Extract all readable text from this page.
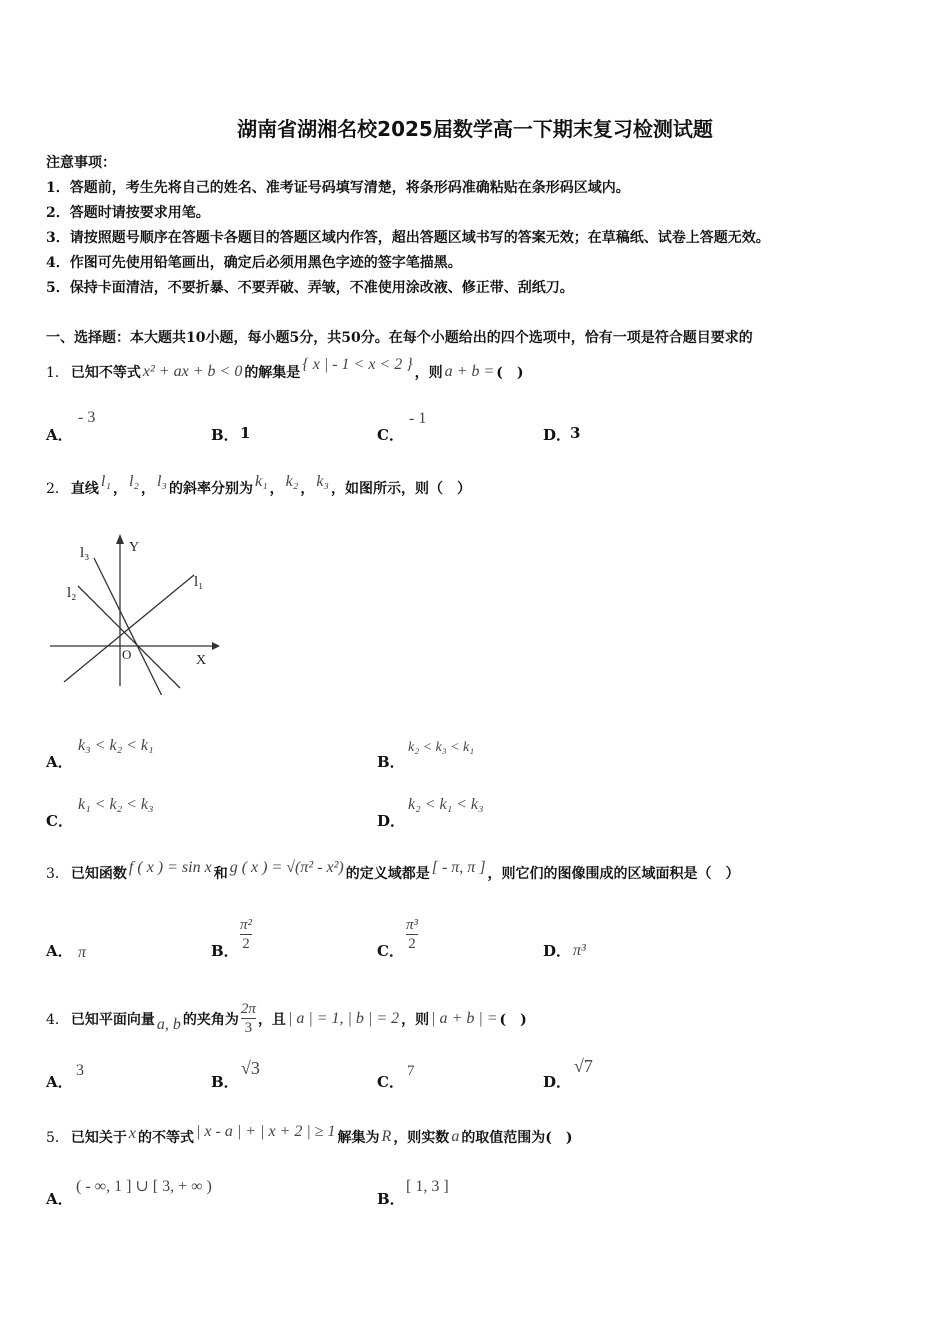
湖南省湖湘名校2025届数学高一下期末复习检测试题
注意事项：
1．答题前，考生先将自己的姓名、准考证号码填写清楚，将条形码准确粘贴在条形码区域内。
2．答题时请按要求用笔。
3．请按照题号顺序在答题卡各题目的答题区域内作答，超出答题区域书写的答案无效；在草稿纸、试卷上答题无效。
4．作图可先使用铅笔画出，确定后必须用黑色字迹的签字笔描黑。
5．保持卡面清洁，不要折暴、不要弄破、弄皱，不准使用涂改液、修正带、刮纸刀。
一、选择题：本大题共10小题，每小题5分，共50分。在每个小题给出的四个选项中，恰有一项是符合题目要求的
1． 已知不等式 x² + ax + b < 0 的解集是 { x | - 1 < x < 2 } ，则 a + b = (　)
A．
- 3
B． 1	C．
- 1
D．
3
2． 直线 l₁ ， l₂ ， l₃ 的斜率分别为 k₁ ， k₂ ， k₃ ，如图所示，则（　）
l₃
l₂
l₁
Y
X
O
A．
k₃ < k₂ < k₁
B．
k₂ < k₃ < k₁
C．
k₁ < k₂ < k₃
D．
k₂ < k₁ < k₃
3． 已知函数 f ( x ) = sin x 和 g ( x ) = √(π² - x²) 的定义域都是 [ - π, π ] ，则它们的图像围成的区域面积是（　）
A． π	B．
π²
2	C．
π³
2	D． π³
4． 已知平面向量 a, b 的夹角为 $\frac{2\pi}{3}$ ，且 | a | = 1, | b | = 2 ，则 | a + b | = (　)
A．
3
B．
√3
C．
7
D．
√7
5． 已知关于 x 的不等式 | x - a | + | x + 2 | ≥ 1 解集为 R ，则实数 a 的取值范围为(　)
A．
( - ∞, 1 ] ∪ [ 3, + ∞ )
B．
[ 1, 3 ]
